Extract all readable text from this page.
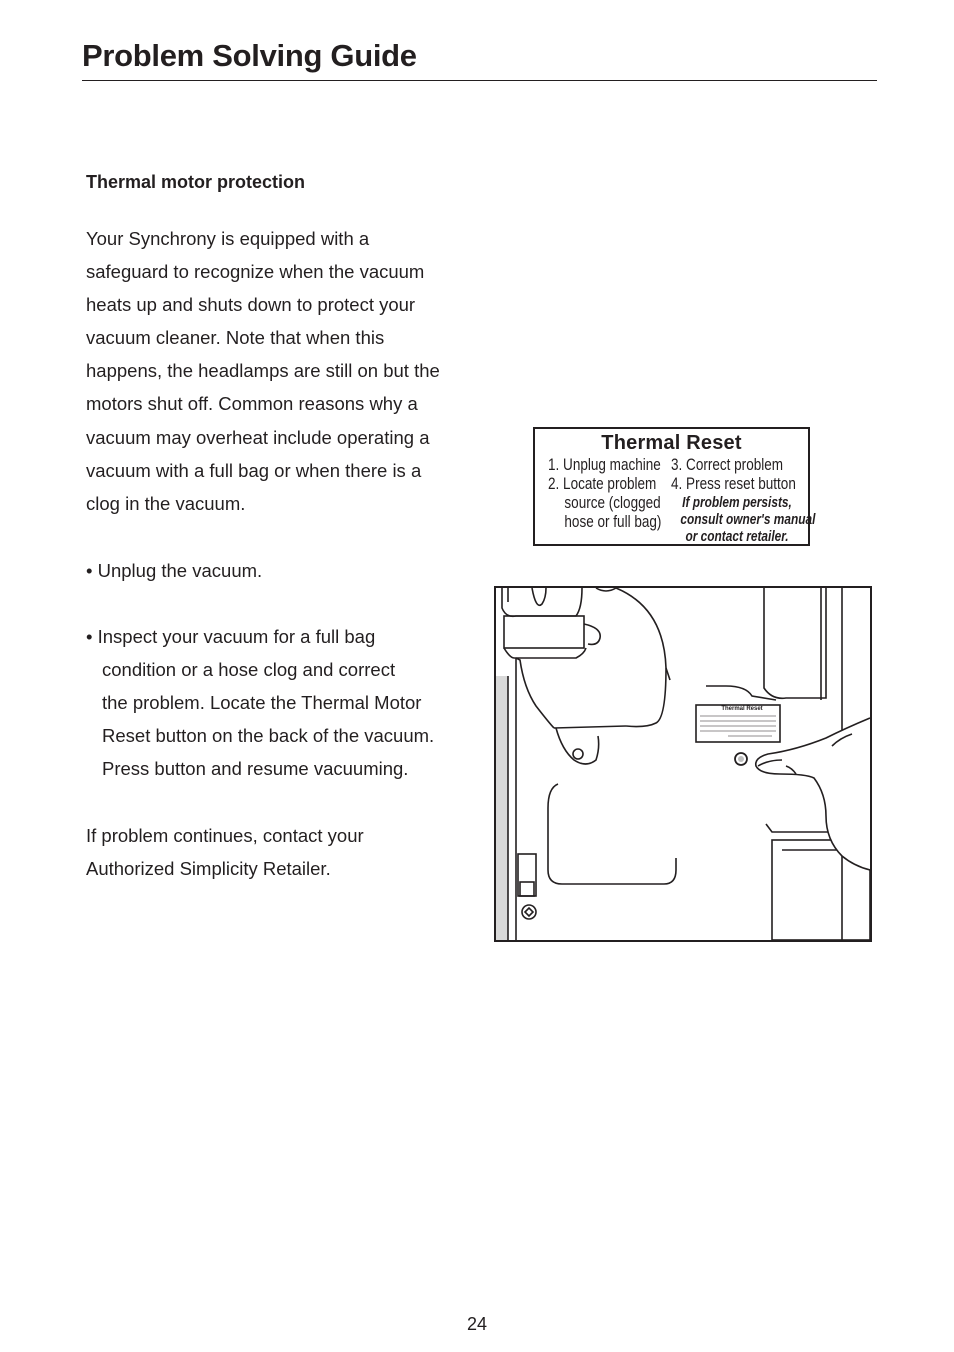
Problem Solving Guide
Thermal motor protection
Your Synchrony is equipped with a
safeguard to recognize when the vacuum
heats up and shuts down to protect your
vacuum cleaner. Note that when this
happens, the headlamps are still on but the
motors shut off. Common reasons why a
vacuum may overheat include operating a
vacuum with a full bag or when there is a
clog in the vacuum.
• Unplug the vacuum.
• Inspect your vacuum for a full bag
condition or a hose clog and correct
the problem. Locate the Thermal Motor
Reset button on the back of the vacuum.
Press button and resume vacuuming.
If problem continues, contact your
Authorized Simplicity Retailer.
Thermal Reset
1. Unplug machine
2. Locate problem
source (clogged
hose or full bag)
3. Correct problem
4. Press reset button
If problem persists,
consult owner's manual
or contact retailer.
Thermal Reset
24
